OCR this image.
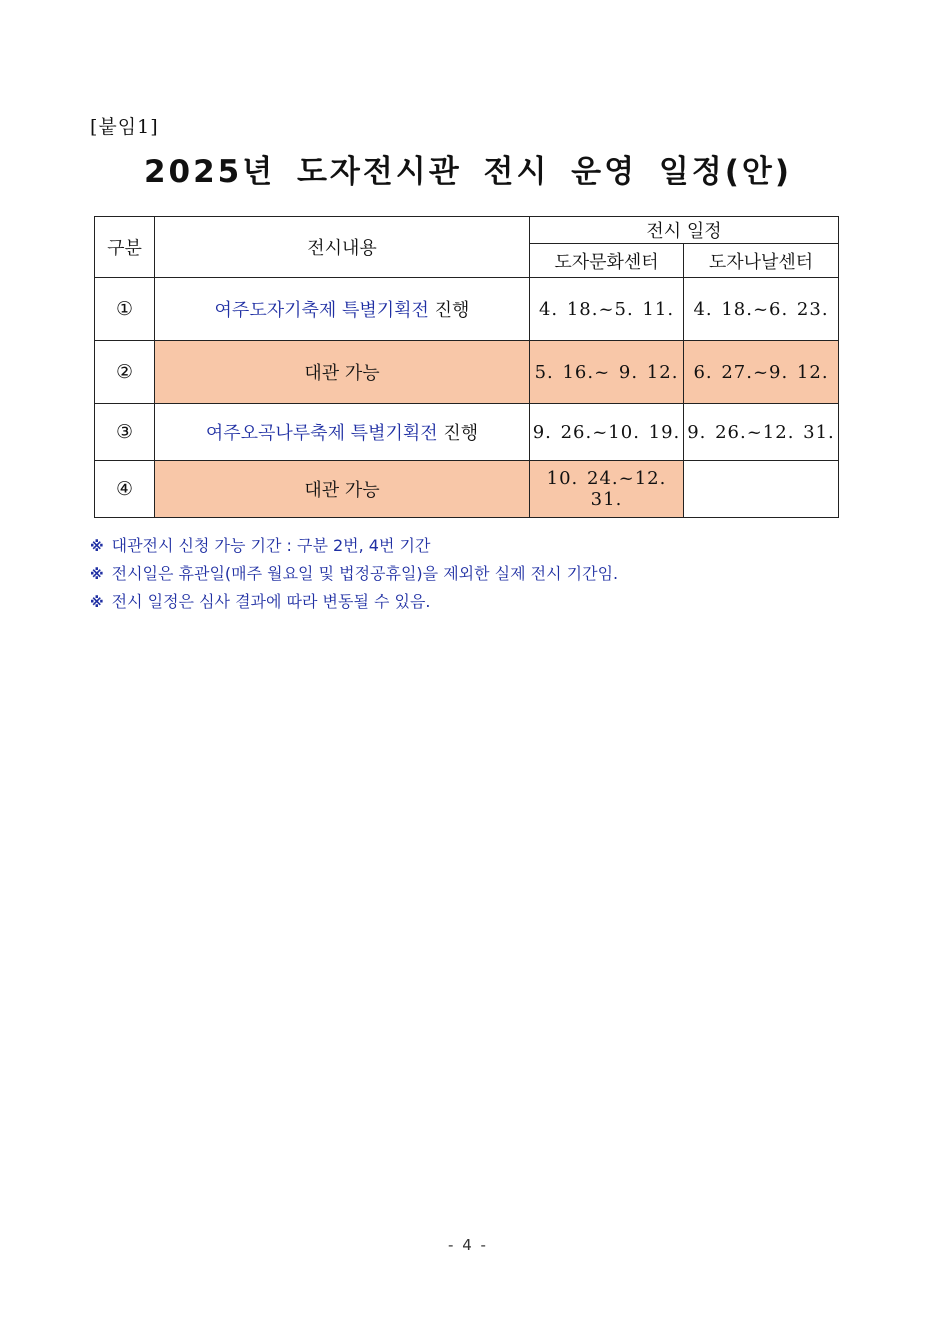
[붙임1]
2025년 도자전시관 전시 운영 일정(안)
구분	전시내용	전시 일정	
		도자문화센터	도자나날센터
①	여주도자기축제 특별기획전 진행	4. 18.~5. 11.	4. 18.~6. 23.
②	대관 가능	5. 16.~ 9. 12.	6. 27.~9. 12.
③	여주오곡나루축제 특별기획전 진행	9. 26.~10. 19.	9. 26.~12. 31.
④	대관 가능	10. 24.~12. 31.	
※ 대관전시 신청 가능 기간 : 구분 2번, 4번 기간
※ 전시일은 휴관일(매주 월요일 및 법정공휴일)을 제외한 실제 전시 기간임.
※ 전시 일정은 심사 결과에 따라 변동될 수 있음.
- 4 -
